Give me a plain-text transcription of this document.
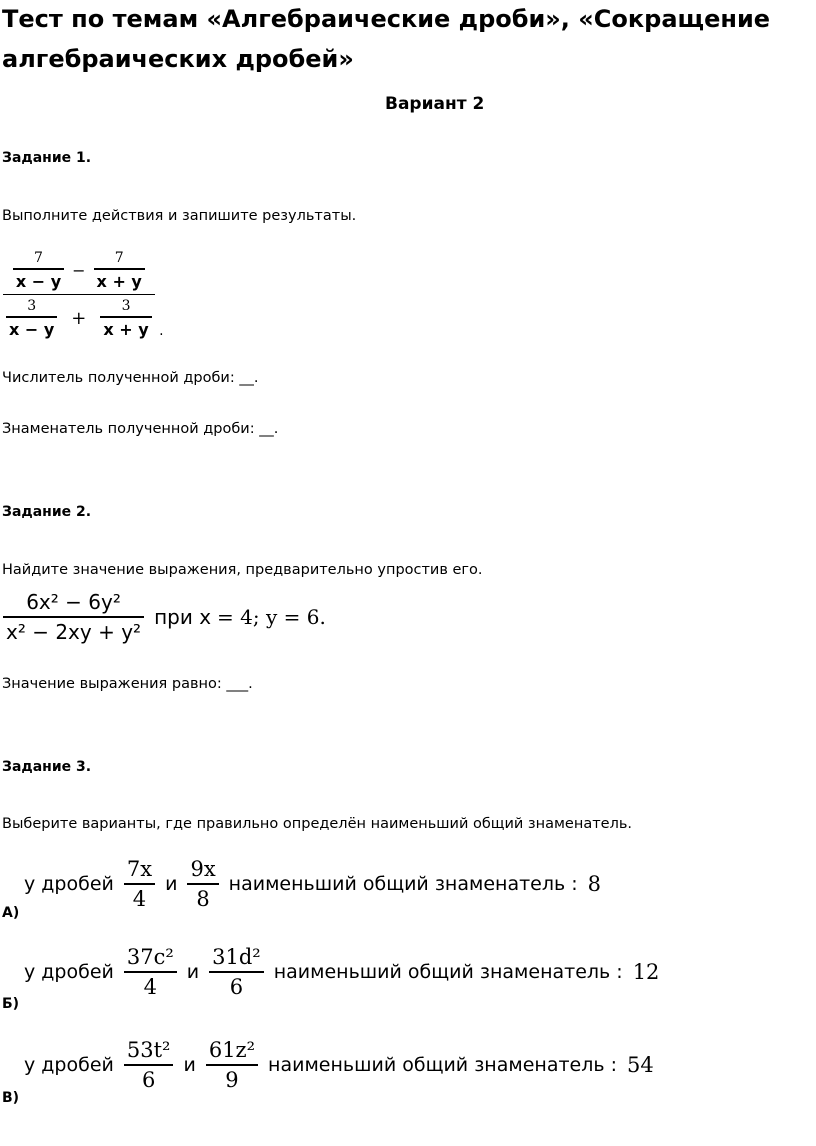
Тест по темам «Алгебраические дроби», «Сокращение алгебраических дробей»
Вариант 2
Задание 1.
Выполните действия и запишите результаты.
$\frac{7}{x - y} - \frac{7}{x + y}$
$\frac{3}{x - y} + \frac{3}{x + y}$ .
Числитель полученной дроби: __.
Знаменатель полученной дроби: __.
Задание 2.
Найдите значение выражения, предварительно упростив его.
$\frac{\text{6x² − 6y²}}{\text{x² − 2xy + y²}}$ при x = 4; y = 6.
Значение выражения равно: ___.
Задание 3.
Выберите варианты, где правильно определён наименьший общий знаменатель.
у дробей $\frac{7x}{4}$ и $\frac{9x}{8}$ наименьший общий знаменатель : 8
А)
у дробей $\frac{\text{37c²}}{4}$ и $\frac{\text{31d²}}{6}$ наименьший общий знаменатель : 12
Б)
у дробей $\frac{\text{53t²}}{6}$ и $\frac{\text{61z²}}{9}$ наименьший общий знаменатель : 54
В)
